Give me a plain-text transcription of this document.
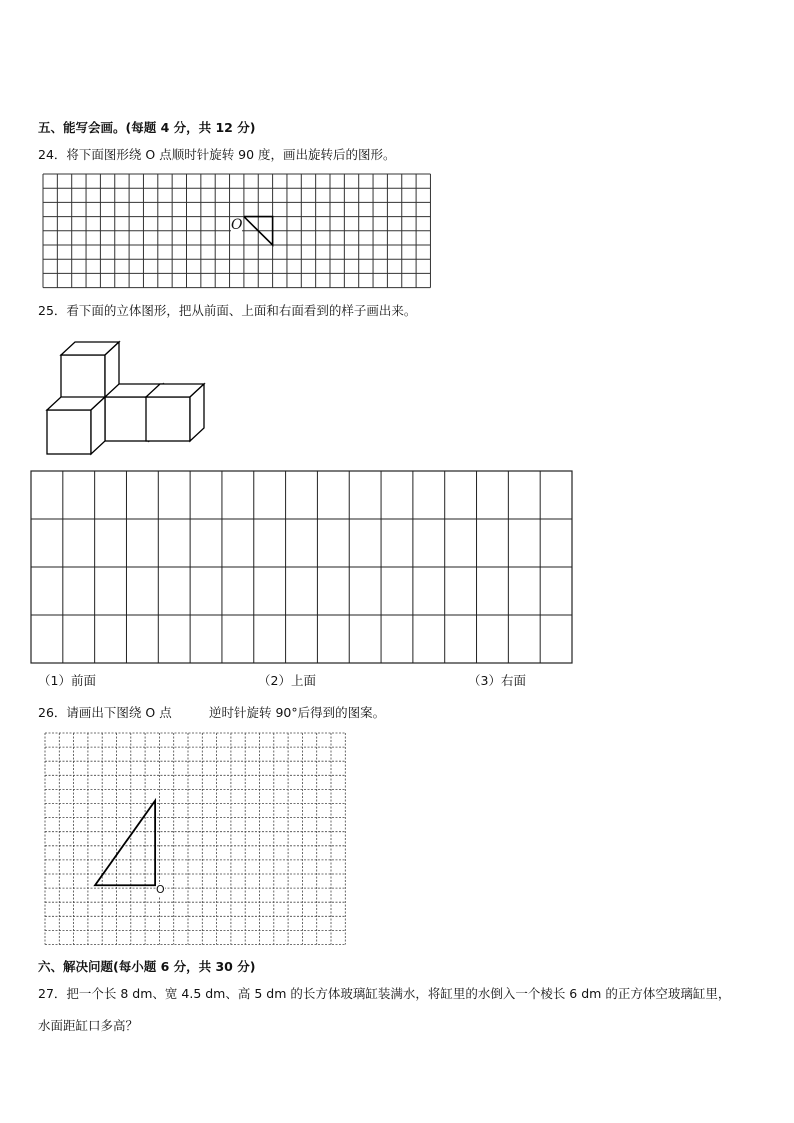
五、能写会画。(每题 4 分，共 12 分)
24．将下面图形绕 O 点顺时针旋转 90 度，画出旋转后的图形。
O
25．看下面的立体图形，把从前面、上面和右面看到的样子画出来。
（1）前面	（2）上面	（3）右面
26．请画出下图绕 O 点	逆时针旋转 90°后得到的图案。
O
六、解决问题(每小题 6 分，共 30 分)
27．把一个长 8 dm、宽 4.5 dm、高 5 dm 的长方体玻璃缸装满水，将缸里的水倒入一个棱长 6 dm 的正方体空玻璃缸里，
水面距缸口多高？
